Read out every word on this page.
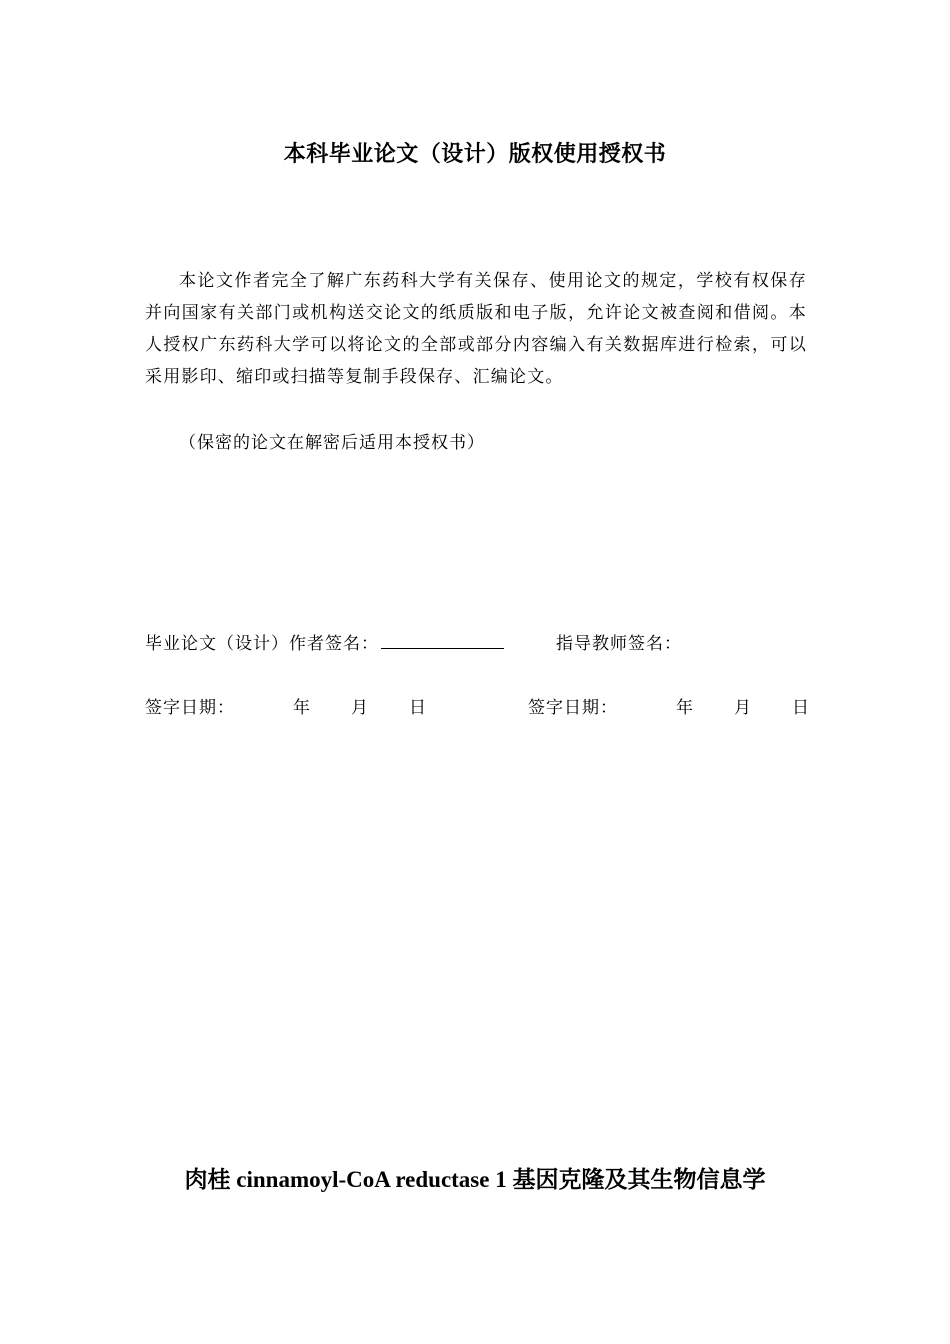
本科毕业论文（设计）版权使用授权书

本论文作者完全了解广东药科大学有关保存、使用论文的规定，学校有权保存并向国家有关部门或机构送交论文的纸质版和电子版，允许论文被查阅和借阅。本人授权广东药科大学可以将论文的全部或部分内容编入有关数据库进行检索，可以采用影印、缩印或扫描等复制手段保存、汇编论文。

（保密的论文在解密后适用本授权书）
毕业论文（设计）作者签名：	指导教师签名：
签字日期：	年 月 日	签字日期：	年 月 日
肉桂 cinnamoyl-CoA reductase 1 基因克隆及其生物信息学
